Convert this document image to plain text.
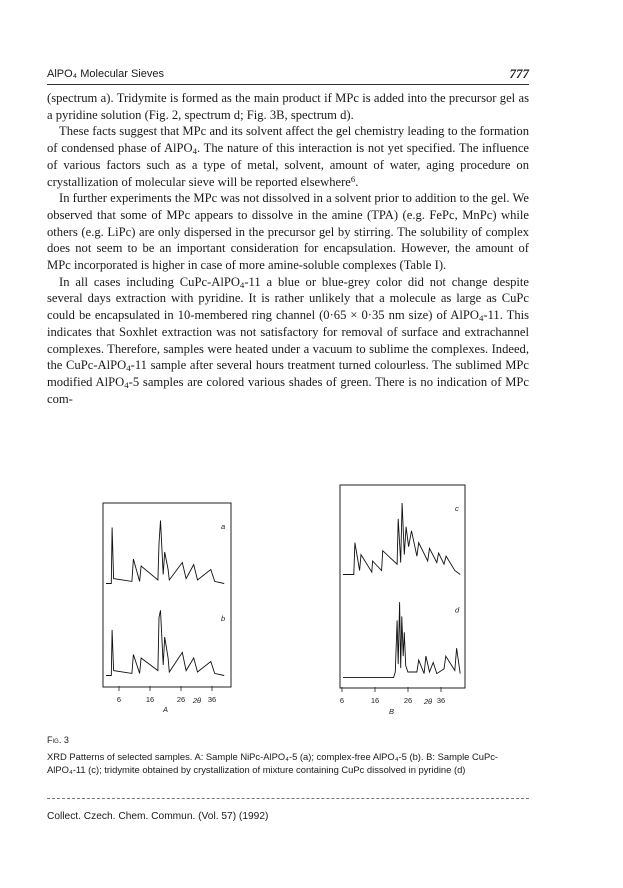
AlPO₄ Molecular Sieves	777

(spectrum a). Tridymite is formed as the main product if MPc is added into the precursor gel as a pyridine solution (Fig. 2, spectrum d; Fig. 3B, spectrum d).

These facts suggest that MPc and its solvent affect the gel chemistry leading to the formation of condensed phase of AlPO$_4$. The nature of this interaction is not yet specified. The influence of various factors such as a type of metal, solvent, amount of water, aging procedure on crystallization of molecular sieve will be reported elsewhere$^6$.

In further experiments the MPc was not dissolved in a solvent prior to addition to the gel. We observed that some of MPc appears to dissolve in the amine (TPA) (e.g. FePc, MnPc) while others (e.g. LiPc) are only dispersed in the precursor gel by stirring. The solubility of complex does not seem to be an important consideration for encapsulation. However, the amount of MPc incorporated is higher in case of more amine-soluble complexes (Table I).

In all cases including CuPc-AlPO$_4$-11 a blue or blue-grey color did not change despite several days extraction with pyridine. It is rather unlikely that a molecule as large as CuPc could be encapsulated in 10-membered ring channel (0·65 × 0·35 nm size) of AlPO$_4$-11. This indicates that Soxhlet extraction was not satisfactory for removal of surface and extrachannel complexes. Therefore, samples were heated under a vacuum to sublime the complexes. Indeed, the CuPc-AlPO$_4$-11 sample after several hours treatment turned colourless. The sublimed MPc modified AlPO$_4$-5 samples are colored various shades of green. There is no indication of MPc com-

a
b
6	16	26	36
2θ
A
c
d
6	16	26	36
2θ
B
Fig. 3
XRD Patterns of selected samples. A: Sample NiPc-AlPO₄-5 (a); complex-free AlPO₄-5 (b). B: Sample CuPc-AlPO₄-11 (c); tridymite obtained by crystallization of mixture containing CuPc dissolved in pyridine (d)
Collect. Czech. Chem. Commun. (Vol. 57) (1992)
